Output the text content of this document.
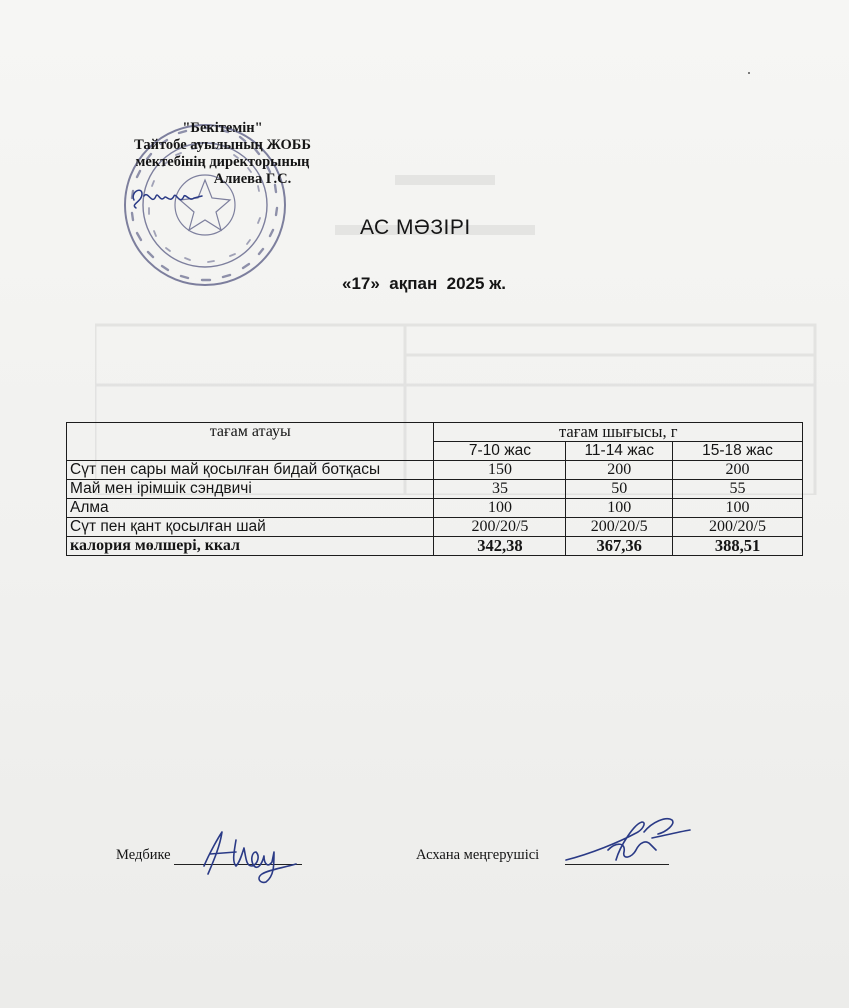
"Бекітемін"
Тайтобе ауылының ЖОББ
мектебінің директорының
Алиева Г.С.
АС МӘЗІРІ
«17»  ақпан  2025 ж.
тағам атауы	тағам шығысы, г		
	7-10 жас	11-14 жас	15-18 жас
Сүт пен сары май қосылған бидай ботқасы	150	200	200
Май мен ірімшік сэндвичі	35	50	55
Алма	100	100	100
Сүт пен қант қосылған шай	200/20/5	200/20/5	200/20/5
калория мөлшері, ккал	342,38	367,36	388,51
Медбике	Асхана меңгерушісі
